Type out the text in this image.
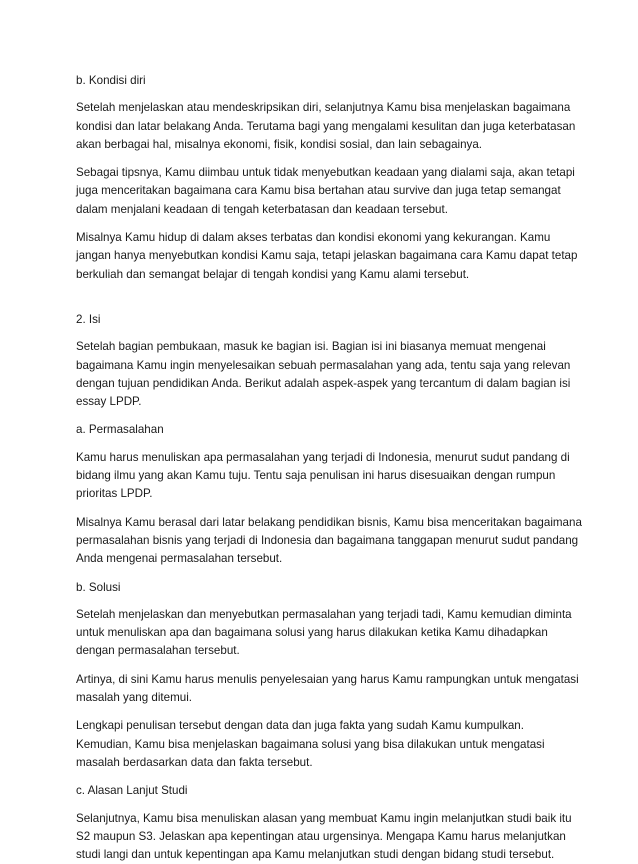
b. Kondisi diri

Setelah menjelaskan atau mendeskripsikan diri, selanjutnya Kamu bisa menjelaskan bagaimana kondisi dan latar belakang Anda. Terutama bagi yang mengalami kesulitan dan juga keterbatasan akan berbagai hal, misalnya ekonomi, fisik, kondisi sosial, dan lain sebagainya.

Sebagai tipsnya, Kamu diimbau untuk tidak menyebutkan keadaan yang dialami saja, akan tetapi juga menceritakan bagaimana cara Kamu bisa bertahan atau survive dan juga tetap semangat dalam menjalani keadaan di tengah keterbatasan dan keadaan tersebut.

Misalnya Kamu hidup di dalam akses terbatas dan kondisi ekonomi yang kekurangan. Kamu jangan hanya menyebutkan kondisi Kamu saja, tetapi jelaskan bagaimana cara Kamu dapat tetap berkuliah dan semangat belajar di tengah kondisi yang Kamu alami tersebut.

2. Isi

Setelah bagian pembukaan, masuk ke bagian isi. Bagian isi ini biasanya memuat mengenai bagaimana Kamu ingin menyelesaikan sebuah permasalahan yang ada, tentu saja yang relevan dengan tujuan pendidikan Anda. Berikut adalah aspek-aspek yang tercantum di dalam bagian isi essay LPDP.

a. Permasalahan

Kamu harus menuliskan apa permasalahan yang terjadi di Indonesia, menurut sudut pandang di bidang ilmu yang akan Kamu tuju. Tentu saja penulisan ini harus disesuaikan dengan rumpun prioritas LPDP.

Misalnya Kamu berasal dari latar belakang pendidikan bisnis, Kamu bisa menceritakan bagaimana permasalahan bisnis yang terjadi di Indonesia dan bagaimana tanggapan menurut sudut pandang Anda mengenai permasalahan tersebut.

b. Solusi

Setelah menjelaskan dan menyebutkan permasalahan yang terjadi tadi, Kamu kemudian diminta untuk menuliskan apa dan bagaimana solusi yang harus dilakukan ketika Kamu dihadapkan dengan permasalahan tersebut.

Artinya, di sini Kamu harus menulis penyelesaian yang harus Kamu rampungkan untuk mengatasi masalah yang ditemui.

Lengkapi penulisan tersebut dengan data dan juga fakta yang sudah Kamu kumpulkan. Kemudian, Kamu bisa menjelaskan bagaimana solusi yang bisa dilakukan untuk mengatasi masalah berdasarkan data dan fakta tersebut.

c. Alasan Lanjut Studi

Selanjutnya, Kamu bisa menuliskan alasan yang membuat Kamu ingin melanjutkan studi baik itu S2 maupun S3. Jelaskan apa kepentingan atau urgensinya. Mengapa Kamu harus melanjutkan studi langi dan untuk kepentingan apa Kamu melanjutkan studi dengan bidang studi tersebut.
